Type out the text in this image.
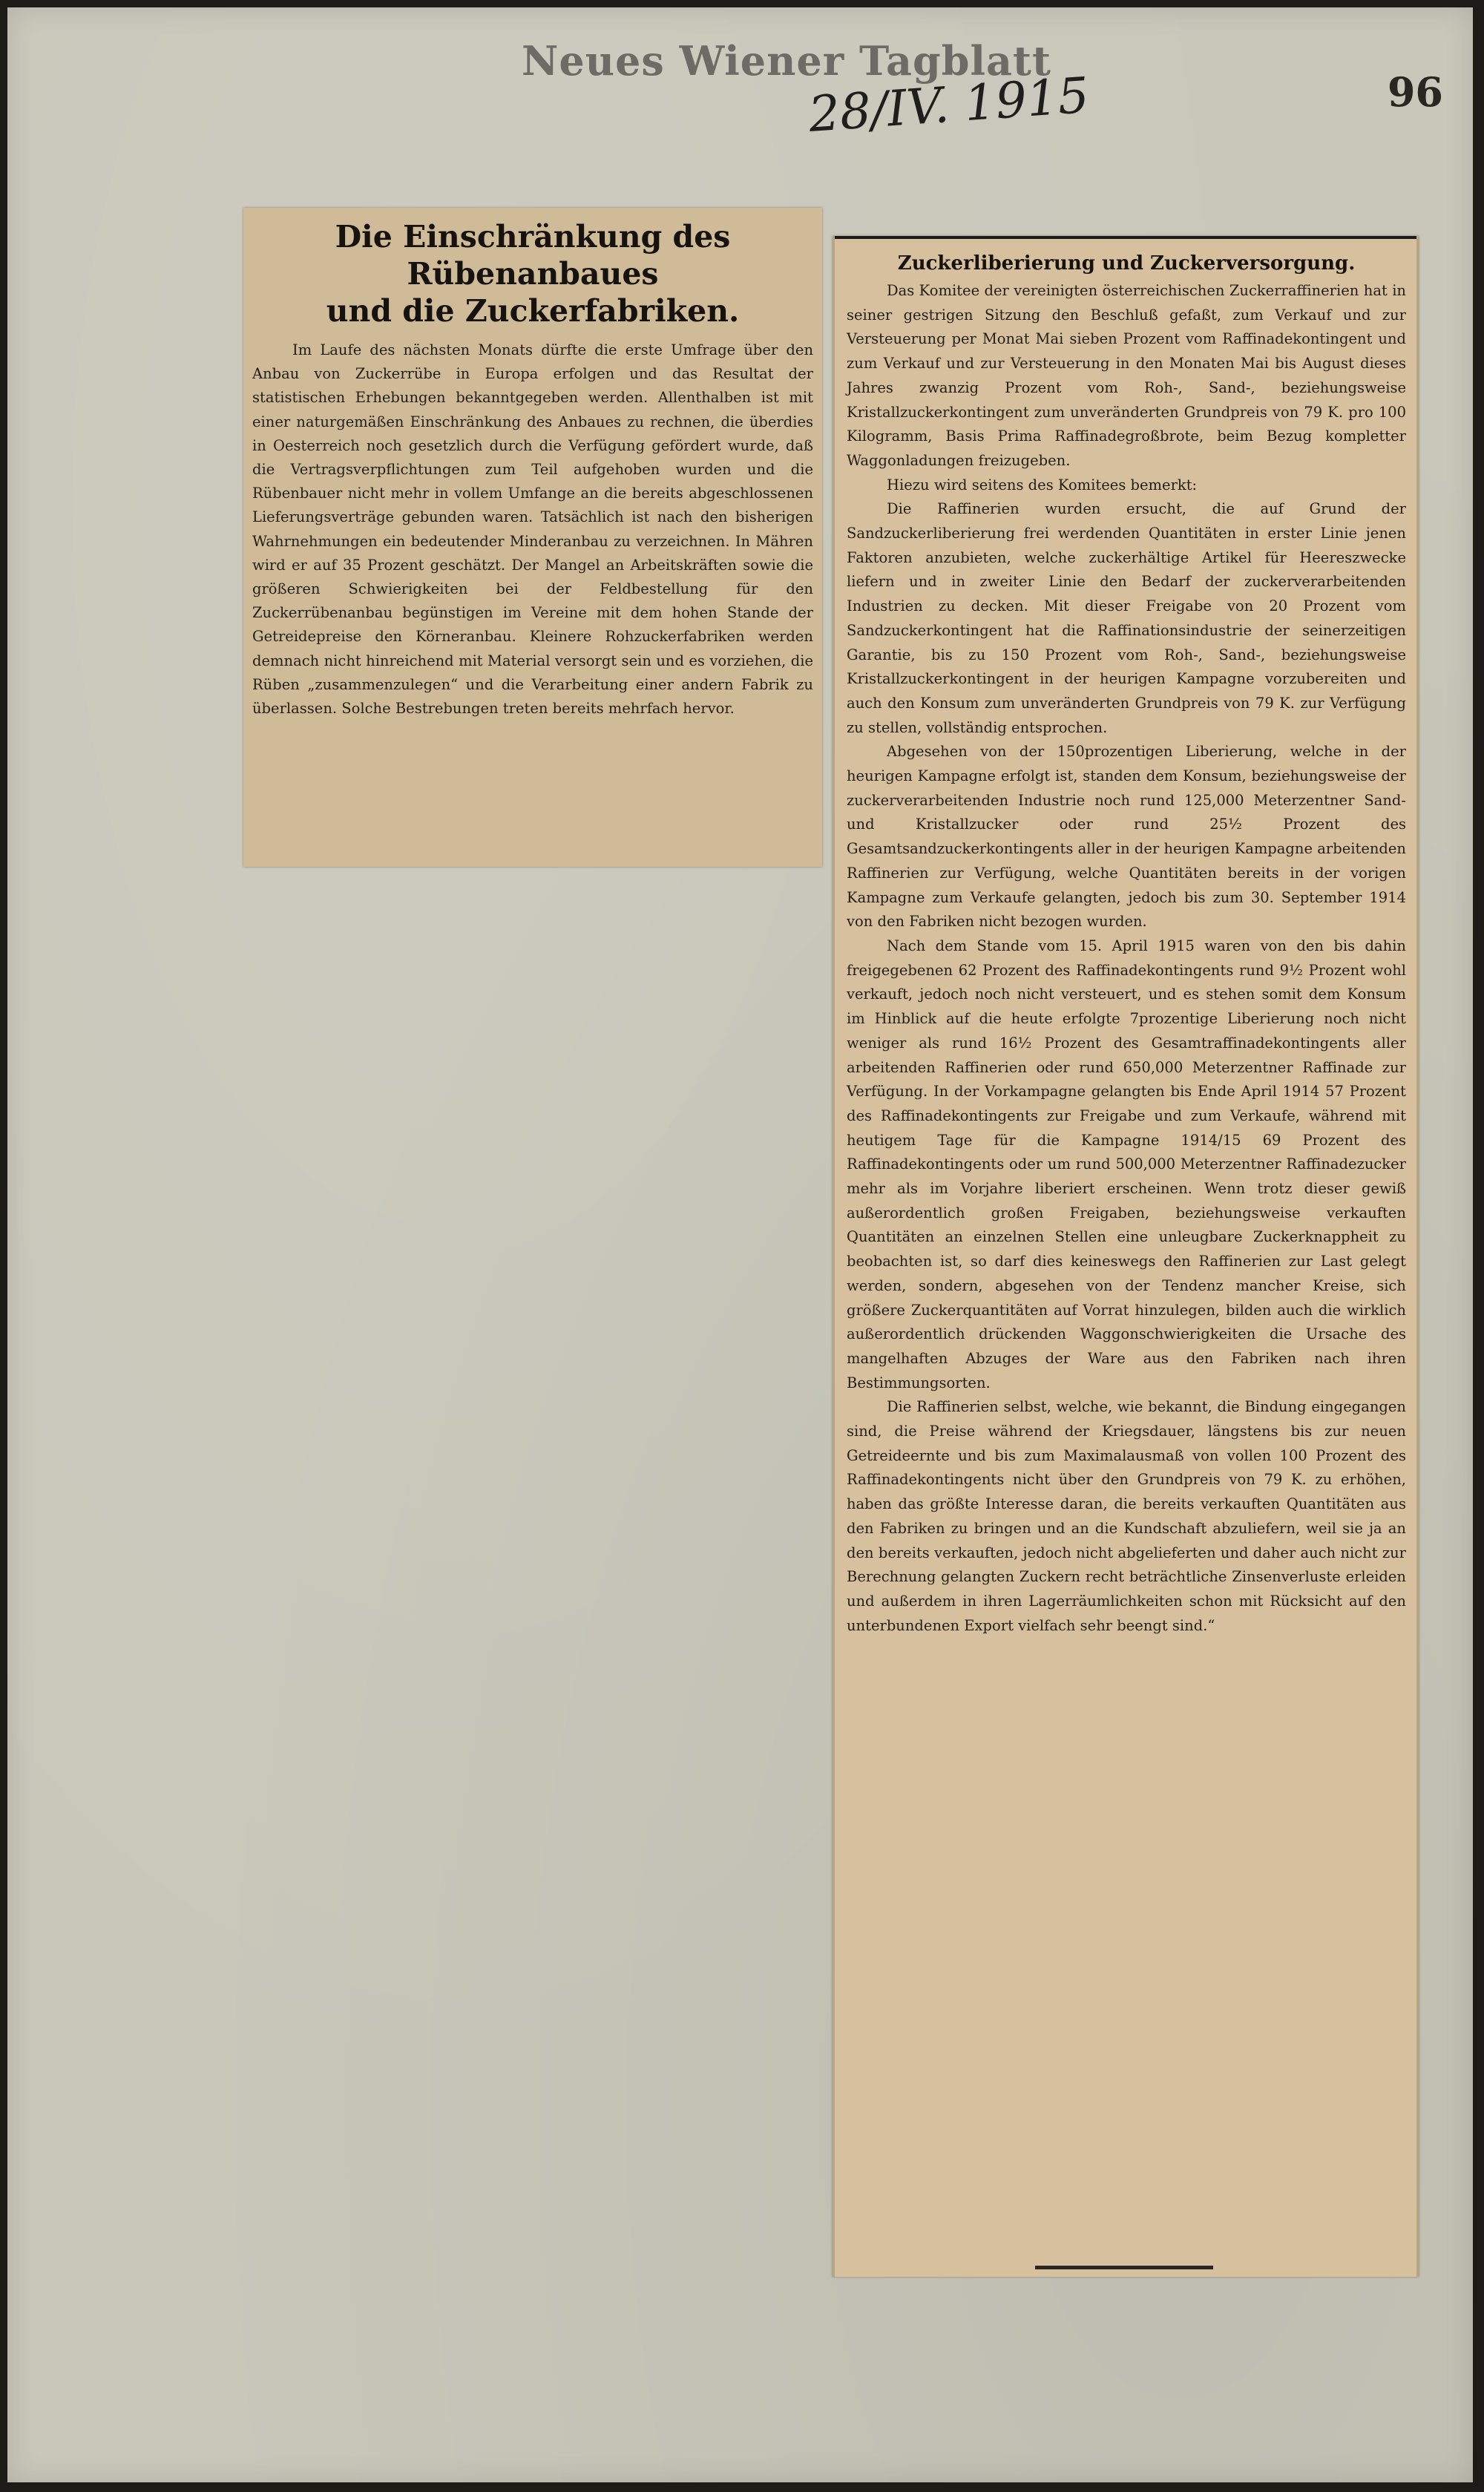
Neues Wiener Tagblatt
28/IV. 1915	96
Die Einschränkung des Rübenanbaues
und die Zuckerfabriken.

Im Laufe des nächsten Monats dürfte die erste Umfrage über den Anbau von Zuckerrübe in Europa erfolgen und das Resultat der statistischen Erhebungen bekanntgegeben werden. Allenthalben ist mit einer naturgemäßen Einschränkung des Anbaues zu rechnen, die überdies in Oesterreich noch gesetzlich durch die Verfügung gefördert wurde, daß die Vertragsverpflichtungen zum Teil aufgehoben wurden und die Rübenbauer nicht mehr in vollem Umfange an die bereits abgeschlossenen Lieferungsverträge gebunden waren. Tatsächlich ist nach den bisherigen Wahrnehmungen ein bedeutender Minderanbau zu verzeichnen. In Mähren wird er auf 35 Prozent geschätzt. Der Mangel an Arbeitskräften sowie die größeren Schwierigkeiten bei der Feldbestellung für den Zuckerrübenanbau begünstigen im Vereine mit dem hohen Stande der Getreidepreise den Körneranbau. Kleinere Rohzuckerfabriken werden demnach nicht hinreichend mit Material versorgt sein und es vorziehen, die Rüben „zusammenzulegen“ und die Verarbeitung einer andern Fabrik zu überlassen. Solche Bestrebungen treten bereits mehrfach hervor.

Zuckerliberierung und Zuckerversorgung.

Das Komitee der vereinigten österreichischen Zuckerraffinerien hat in seiner gestrigen Sitzung den Beschluß gefaßt, zum Verkauf und zur Versteuerung per Monat Mai sieben Prozent vom Raffinadekontingent und zum Verkauf und zur Versteuerung in den Monaten Mai bis August dieses Jahres zwanzig Prozent vom Roh-, Sand-, beziehungsweise Kristallzuckerkontingent zum unveränderten Grundpreis von 79 K. pro 100 Kilogramm, Basis Prima Raffinadegroßbrote, beim Bezug kompletter Waggonladungen freizugeben.

Hiezu wird seitens des Komitees bemerkt:

Die Raffinerien wurden ersucht, die auf Grund der Sandzuckerliberierung frei werdenden Quantitäten in erster Linie jenen Faktoren anzubieten, welche zuckerhältige Artikel für Heereszwecke liefern und in zweiter Linie den Bedarf der zuckerverarbeitenden Industrien zu decken. Mit dieser Freigabe von 20 Prozent vom Sandzuckerkontingent hat die Raffinationsindustrie der seinerzeitigen Garantie, bis zu 150 Prozent vom Roh-, Sand-, beziehungsweise Kristallzuckerkontingent in der heurigen Kampagne vorzubereiten und auch den Konsum zum unveränderten Grundpreis von 79 K. zur Verfügung zu stellen, vollständig entsprochen.

Abgesehen von der 150prozentigen Liberierung, welche in der heurigen Kampagne erfolgt ist, standen dem Konsum, beziehungsweise der zuckerverarbeitenden Industrie noch rund 125,000 Meterzentner Sand- und Kristallzucker oder rund 25½ Prozent des Gesamtsandzuckerkontingents aller in der heurigen Kampagne arbeitenden Raffinerien zur Verfügung, welche Quantitäten bereits in der vorigen Kampagne zum Verkaufe gelangten, jedoch bis zum 30. September 1914 von den Fabriken nicht bezogen wurden.

Nach dem Stande vom 15. April 1915 waren von den bis dahin freigegebenen 62 Prozent des Raffinadekontingents rund 9½ Prozent wohl verkauft, jedoch noch nicht versteuert, und es stehen somit dem Konsum im Hinblick auf die heute erfolgte 7prozentige Liberierung noch nicht weniger als rund 16½ Prozent des Gesamtraffinadekontingents aller arbeitenden Raffinerien oder rund 650,000 Meterzentner Raffinade zur Verfügung. In der Vorkampagne gelangten bis Ende April 1914 57 Prozent des Raffinadekontingents zur Freigabe und zum Verkaufe, während mit heutigem Tage für die Kampagne 1914/15 69 Prozent des Raffinadekontingents oder um rund 500,000 Meterzentner Raffinadezucker mehr als im Vorjahre liberiert erscheinen. Wenn trotz dieser gewiß außerordentlich großen Freigaben, beziehungsweise verkauften Quantitäten an einzelnen Stellen eine unleugbare Zuckerknappheit zu beobachten ist, so darf dies keineswegs den Raffinerien zur Last gelegt werden, sondern, abgesehen von der Tendenz mancher Kreise, sich größere Zuckerquantitäten auf Vorrat hinzulegen, bilden auch die wirklich außerordentlich drückenden Waggonschwierigkeiten die Ursache des mangelhaften Abzuges der Ware aus den Fabriken nach ihren Bestimmungsorten.

Die Raffinerien selbst, welche, wie bekannt, die Bindung eingegangen sind, die Preise während der Kriegsdauer, längstens bis zur neuen Getreideernte und bis zum Maximalausmaß von vollen 100 Prozent des Raffinadekontingents nicht über den Grundpreis von 79 K. zu erhöhen, haben das größte Interesse daran, die bereits verkauften Quantitäten aus den Fabriken zu bringen und an die Kundschaft abzuliefern, weil sie ja an den bereits verkauften, jedoch nicht abgelieferten und daher auch nicht zur Berechnung gelangten Zuckern recht beträchtliche Zinsenverluste erleiden und außerdem in ihren Lagerräumlichkeiten schon mit Rücksicht auf den unterbundenen Export vielfach sehr beengt sind.“
